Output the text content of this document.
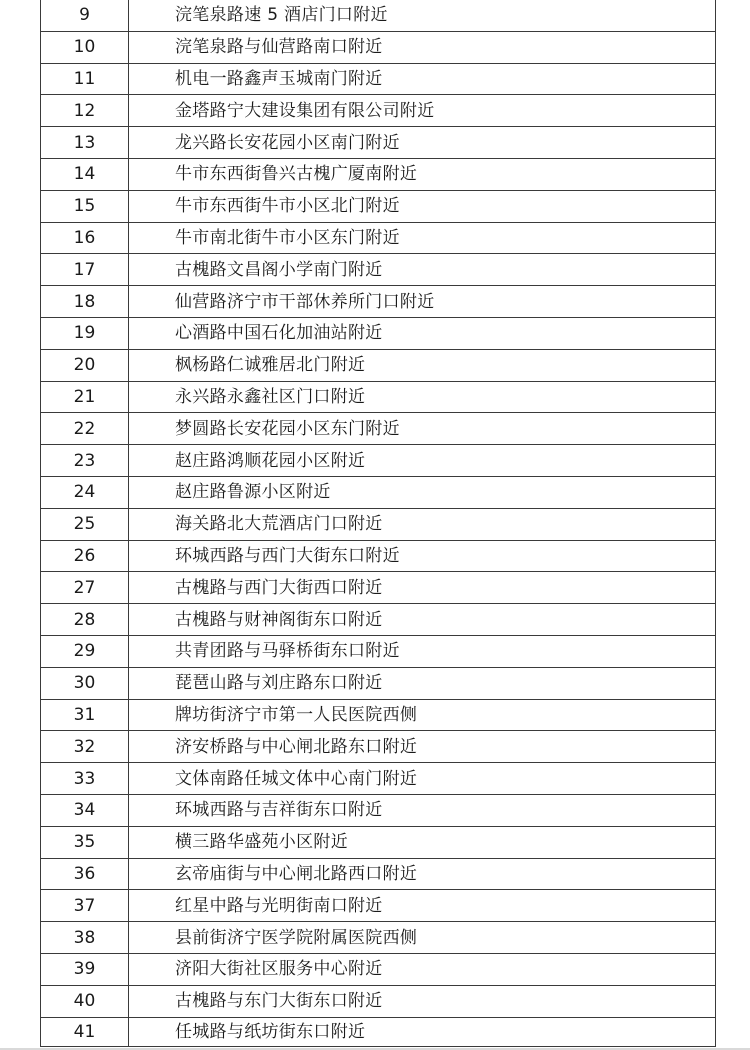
9	浣笔泉路速 5 酒店门口附近
10	浣笔泉路与仙营路南口附近
11	机电一路鑫声玉城南门附近
12	金塔路宁大建设集团有限公司附近
13	龙兴路长安花园小区南门附近
14	牛市东西街鲁兴古槐广厦南附近
15	牛市东西街牛市小区北门附近
16	牛市南北街牛市小区东门附近
17	古槐路文昌阁小学南门附近
18	仙营路济宁市干部休养所门口附近
19	心酒路中国石化加油站附近
20	枫杨路仁诚雅居北门附近
21	永兴路永鑫社区门口附近
22	梦圆路长安花园小区东门附近
23	赵庄路鸿顺花园小区附近
24	赵庄路鲁源小区附近
25	海关路北大荒酒店门口附近
26	环城西路与西门大街东口附近
27	古槐路与西门大街西口附近
28	古槐路与财神阁街东口附近
29	共青团路与马驿桥街东口附近
30	琵琶山路与刘庄路东口附近
31	牌坊街济宁市第一人民医院西侧
32	济安桥路与中心闸北路东口附近
33	文体南路任城文体中心南门附近
34	环城西路与吉祥街东口附近
35	横三路华盛苑小区附近
36	玄帝庙街与中心闸北路西口附近
37	红星中路与光明街南口附近
38	县前街济宁医学院附属医院西侧
39	济阳大街社区服务中心附近
40	古槐路与东门大街东口附近
41	任城路与纸坊街东口附近
